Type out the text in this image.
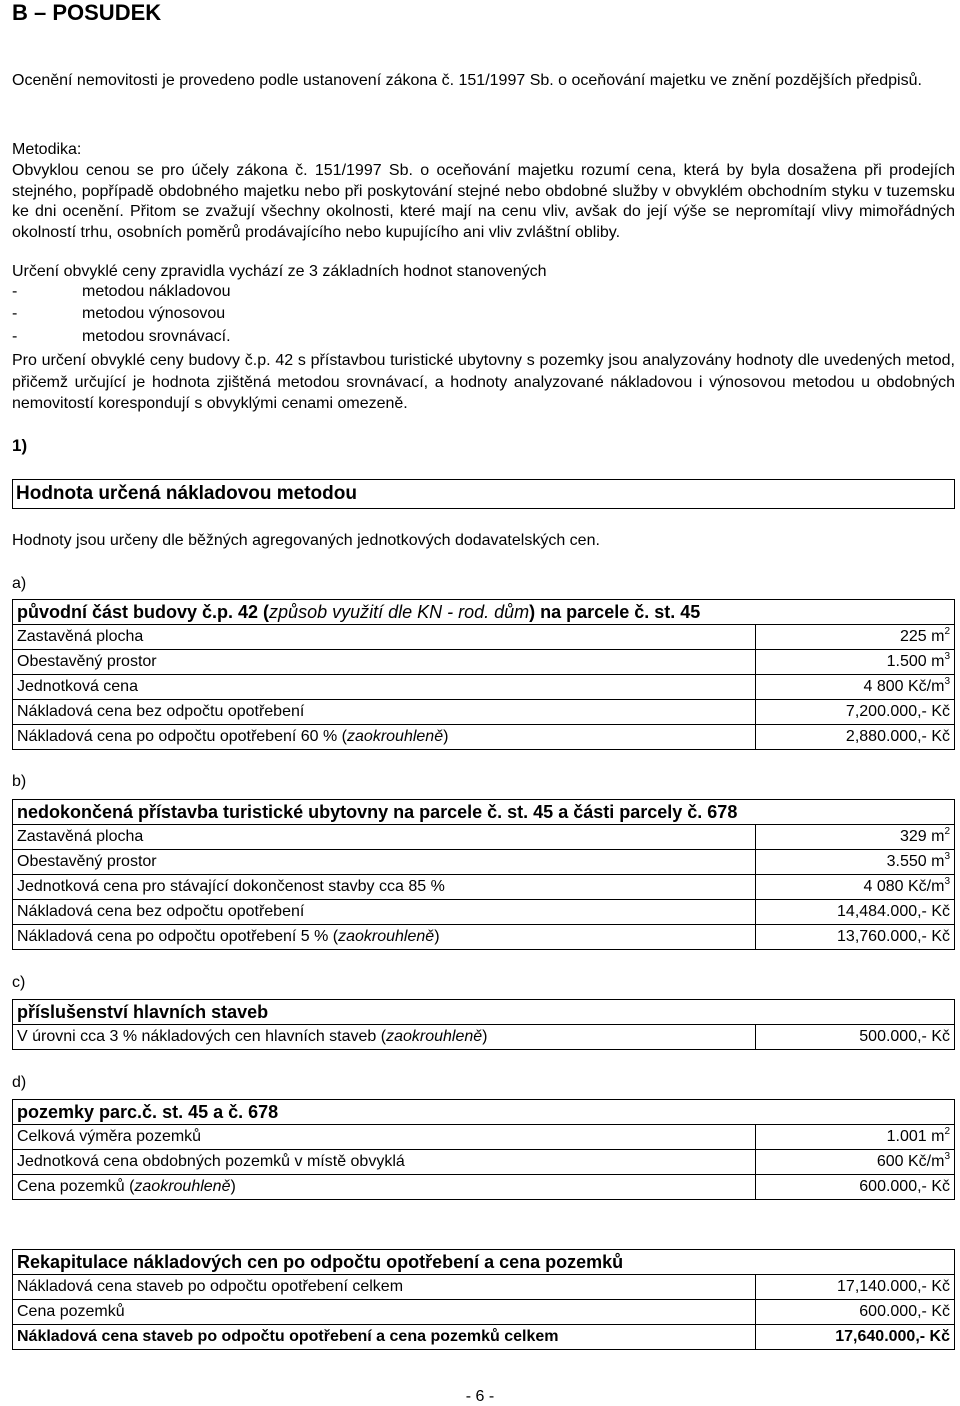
B – POSUDEK

Ocenění nemovitosti je provedeno podle ustanovení zákona č. 151/1997 Sb. o oceňování majetku ve znění pozdějších předpisů.

Metodika:

Obvyklou cenou se pro účely zákona č. 151/1997 Sb. o oceňování majetku rozumí cena, která by byla dosažena při prodejích stejného, popřípadě obdobného majetku nebo při poskytování stejné nebo obdobné služby v obvyklém obchodním styku v tuzemsku ke dni ocenění. Přitom se zvažují všechny okolnosti, které mají na cenu vliv, avšak do její výše se nepromítají vlivy mimořádných okolností trhu, osobních poměrů prodávajícího nebo kupujícího ani vliv zvláštní obliby.

Určení obvyklé ceny zpravidla vychází ze 3 základních hodnot stanovených

-	metodou nákladovou
-	metodou výnosovou
-	metodou srovnávací.

Pro určení obvyklé ceny budovy č.p. 42 s přístavbou turistické ubytovny s pozemky jsou analyzovány hodnoty dle uvedených metod, přičemž určující je hodnota zjištěná metodou srovnávací, a hodnoty analyzované nákladovou i výnosovou metodou u obdobných nemovitostí korespondují s obvyklými cenami omezeně.

1)
Hodnota určená nákladovou metodou

Hodnoty jsou určeny dle běžných agregovaných jednotkových dodavatelských cen.

a)
původní část budovy č.p. 42 (způsob využití dle KN - rod. dům) na parcele č. st. 45	
Zastavěná plocha	225 $m^2$
Obestavěný prostor	1.500 $m^3$
Jednotková cena	4 800 $Kč/m^3$
Nákladová cena bez odpočtu opotřebení	7,200.000,- Kč
Nákladová cena po odpočtu opotřebení 60 % (zaokrouhleně)	2,880.000,- Kč
b)
nedokončená přístavba turistické ubytovny na parcele č. st. 45 a části parcely č. 678	
Zastavěná plocha	329 $m^2$
Obestavěný prostor	3.550 $m^3$
Jednotková cena pro stávající dokončenost stavby cca 85 %	4 080 $Kč/m^3$
Nákladová cena bez odpočtu opotřebení	14,484.000,- Kč
Nákladová cena po odpočtu opotřebení 5 % (zaokrouhleně)	13,760.000,- Kč
c)
příslušenství hlavních staveb
V úrovni cca 3 % nákladových cen hlavních staveb (zaokrouhleně)	500.000,- Kč
d)
pozemky parc.č. st. 45 a č. 678	
Celková výměra pozemků	1.001 $m^2$
Jednotková cena obdobných pozemků v místě obvyklá	600 $Kč/m^3$
Cena pozemků (zaokrouhleně)	600.000,- Kč
Rekapitulace nákladových cen po odpočtu opotřebení a cena pozemků	
Nákladová cena staveb po odpočtu opotřebení celkem	17,140.000,- Kč
Cena pozemků	600.000,- Kč
Nákladová cena staveb po odpočtu opotřebení a cena pozemků celkem	17,640.000,- Kč
- 6 -
